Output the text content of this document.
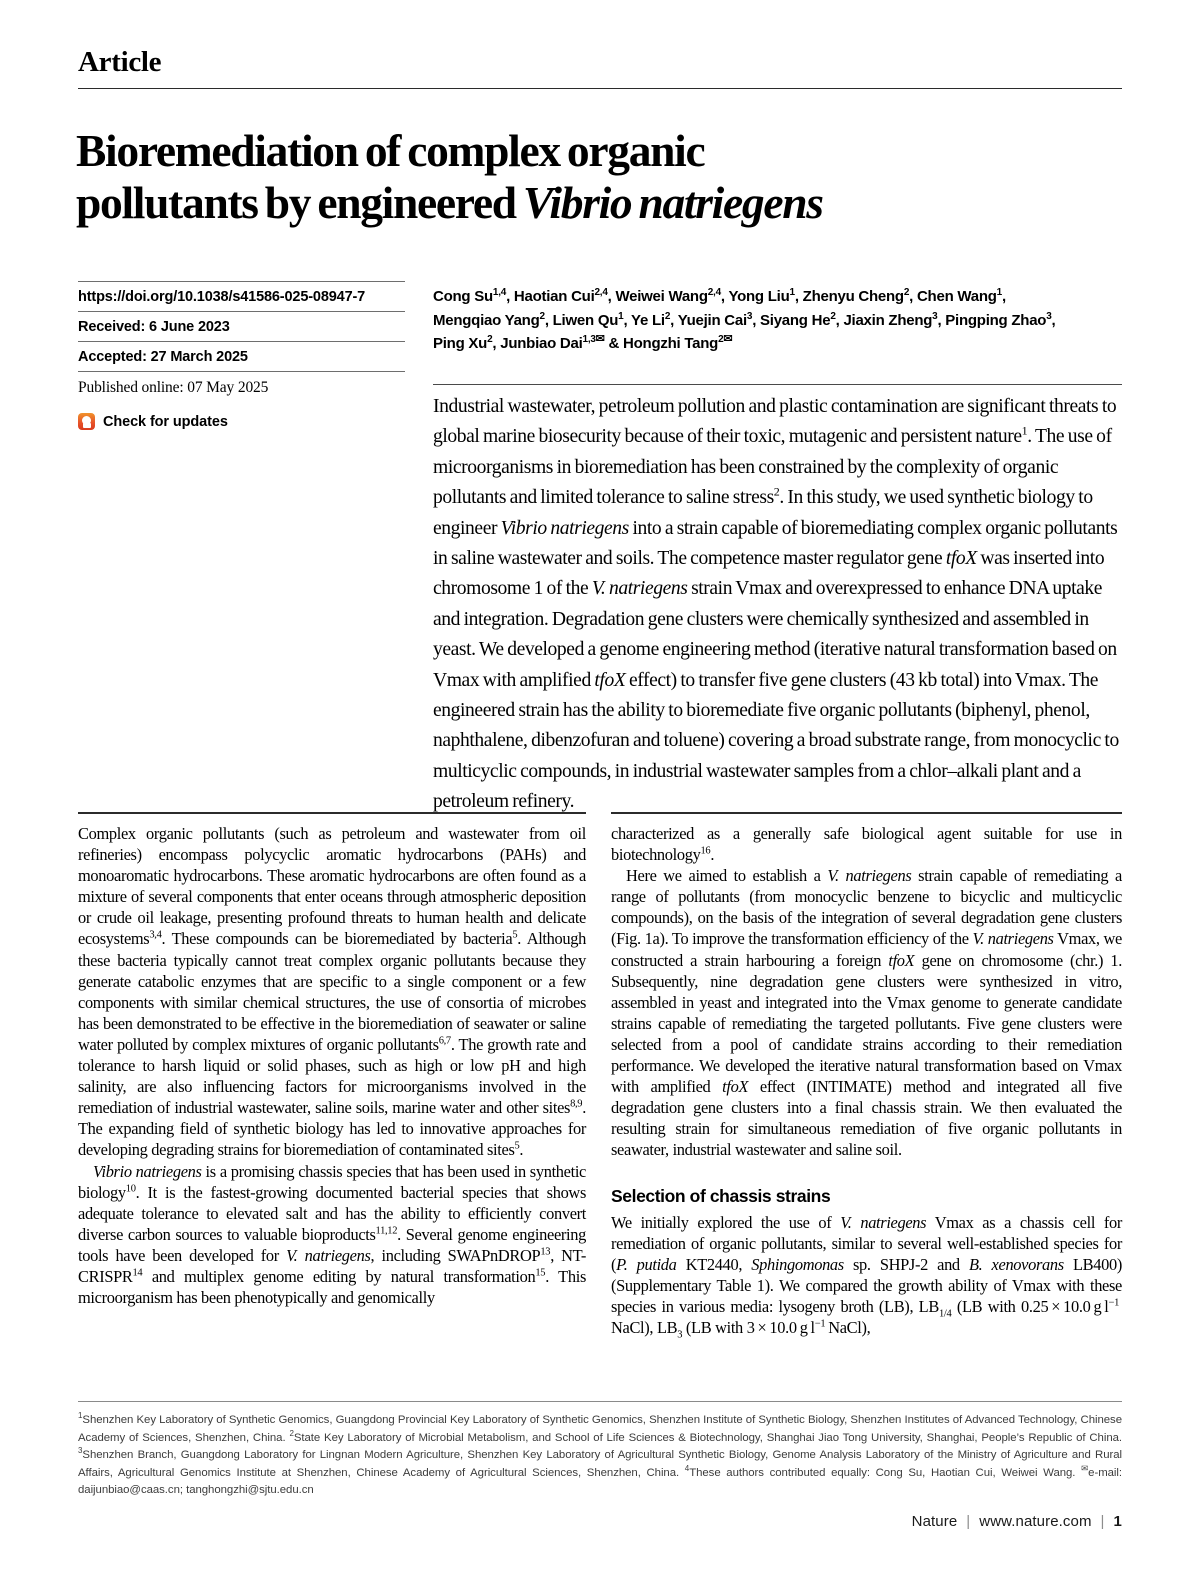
Article
Bioremediation of complex organic
pollutants by engineered Vibrio natriegens
https://doi.org/10.1038/s41586-025-08947-7
Received: 6 June 2023
Accepted: 27 March 2025
Published online: 07 May 2025
Check for updates
Cong Su$^{1,4}$, Haotian Cui$^{2,4}$, Weiwei Wang$^{2,4}$, Yong Liu$^1$, Zhenyu Cheng$^2$, Chen Wang$^1$,
Mengqiao Yang$^2$, Liwen Qu$^1$, Ye Li$^2$, Yuejin Cai$^3$, Siyang He$^2$, Jiaxin Zheng$^3$, Pingping Zhao$^3$,
Ping Xu$^2$, Junbiao Dai$^{1,3✉}$ & Hongzhi Tang$^{2✉}$
Industrial wastewater, petroleum pollution and plastic contamination are significant threats to global marine biosecurity because of their toxic, mutagenic and persistent nature$^1$. The use of microorganisms in bioremediation has been constrained by the complexity of organic pollutants and limited tolerance to saline stress$^2$. In this study, we used synthetic biology to engineer Vibrio natriegens into a strain capable of bioremediating complex organic pollutants in saline wastewater and soils. The competence master regulator gene tfoX was inserted into chromosome 1 of the V. natriegens strain Vmax and overexpressed to enhance DNA uptake and integration. Degradation gene clusters were chemically synthesized and assembled in yeast. We developed a genome engineering method (iterative natural transformation based on Vmax with amplified tfoX effect) to transfer five gene clusters (43 kb total) into Vmax. The engineered strain has the ability to bioremediate five organic pollutants (biphenyl, phenol, naphthalene, dibenzofuran and toluene) covering a broad substrate range, from monocyclic to multicyclic compounds, in industrial wastewater samples from a chlor–alkali plant and a petroleum refinery.

Complex organic pollutants (such as petroleum and wastewater from oil refineries) encompass polycyclic aromatic hydrocarbons (PAHs) and monoaromatic hydrocarbons. These aromatic hydrocarbons are often found as a mixture of several components that enter oceans through atmospheric deposition or crude oil leakage, presenting profound threats to human health and delicate ecosystems$^{3,4}$. These compounds can be bioremediated by bacteria$^5$. Although these bacteria typically cannot treat complex organic pollutants because they generate catabolic enzymes that are specific to a single component or a few components with similar chemical structures, the use of consortia of microbes has been demonstrated to be effective in the bioremediation of seawater or saline water polluted by complex mixtures of organic pollutants$^{6,7}$. The growth rate and tolerance to harsh liquid or solid phases, such as high or low pH and high salinity, are also influencing factors for microorganisms involved in the remediation of industrial wastewater, saline soils, marine water and other sites$^{8,9}$. The expanding field of synthetic biology has led to innovative approaches for developing degrading strains for bioremediation of contaminated sites$^5$.

Vibrio natriegens is a promising chassis species that has been used in synthetic biology$^{10}$. It is the fastest-growing documented bacterial species that shows adequate tolerance to elevated salt and has the ability to efficiently convert diverse carbon sources to valuable bioproducts$^{11,12}$. Several genome engineering tools have been developed for V. natriegens, including SWAPnDROP$^{13}$, NT-CRISPR$^{14}$ and multiplex genome editing by natural transformation$^{15}$. This microorganism has been phenotypically and genomically

characterized as a generally safe biological agent suitable for use in biotechnology$^{16}$.

Here we aimed to establish a V. natriegens strain capable of remediating a range of pollutants (from monocyclic benzene to bicyclic and multicyclic compounds), on the basis of the integration of several degradation gene clusters (Fig. 1a). To improve the transformation efficiency of the V. natriegens Vmax, we constructed a strain harbouring a foreign tfoX gene on chromosome (chr.) 1. Subsequently, nine degradation gene clusters were synthesized in vitro, assembled in yeast and integrated into the Vmax genome to generate candidate strains capable of remediating the targeted pollutants. Five gene clusters were selected from a pool of candidate strains according to their remediation performance. We developed the iterative natural transformation based on Vmax with amplified tfoX effect (INTIMATE) method and integrated all five degradation gene clusters into a final chassis strain. We then evaluated the resulting strain for simultaneous remediation of five organic pollutants in seawater, industrial wastewater and saline soil.

Selection of chassis strains

We initially explored the use of V. natriegens Vmax as a chassis cell for remediation of organic pollutants, similar to several well-established species for (P. putida KT2440, Sphingomonas sp. SHPJ-2 and B. xenovorans LB400) (Supplementary Table 1). We compared the growth ability of Vmax with these species in various media: lysogeny broth (LB), $LB_{1/4}$ (LB with 0.25 × 10.0 g $l^{-1}$ NaCl), $LB_3$ (LB with 3 × 10.0 g $l^{-1}$ NaCl),

$^1$Shenzhen Key Laboratory of Synthetic Genomics, Guangdong Provincial Key Laboratory of Synthetic Genomics, Shenzhen Institute of Synthetic Biology, Shenzhen Institutes of Advanced Technology, Chinese Academy of Sciences, Shenzhen, China. $^2$State Key Laboratory of Microbial Metabolism, and School of Life Sciences & Biotechnology, Shanghai Jiao Tong University, Shanghai, People’s Republic of China. $^3$Shenzhen Branch, Guangdong Laboratory for Lingnan Modern Agriculture, Shenzhen Key Laboratory of Agricultural Synthetic Biology, Genome Analysis Laboratory of the Ministry of Agriculture and Rural Affairs, Agricultural Genomics Institute at Shenzhen, Chinese Academy of Agricultural Sciences, Shenzhen, China. $^4$These authors contributed equally: Cong Su, Haotian Cui, Weiwei Wang. ✉e-mail: daijunbiao@caas.cn; tanghongzhi@sjtu.edu.cn
Nature | www.nature.com | 1
